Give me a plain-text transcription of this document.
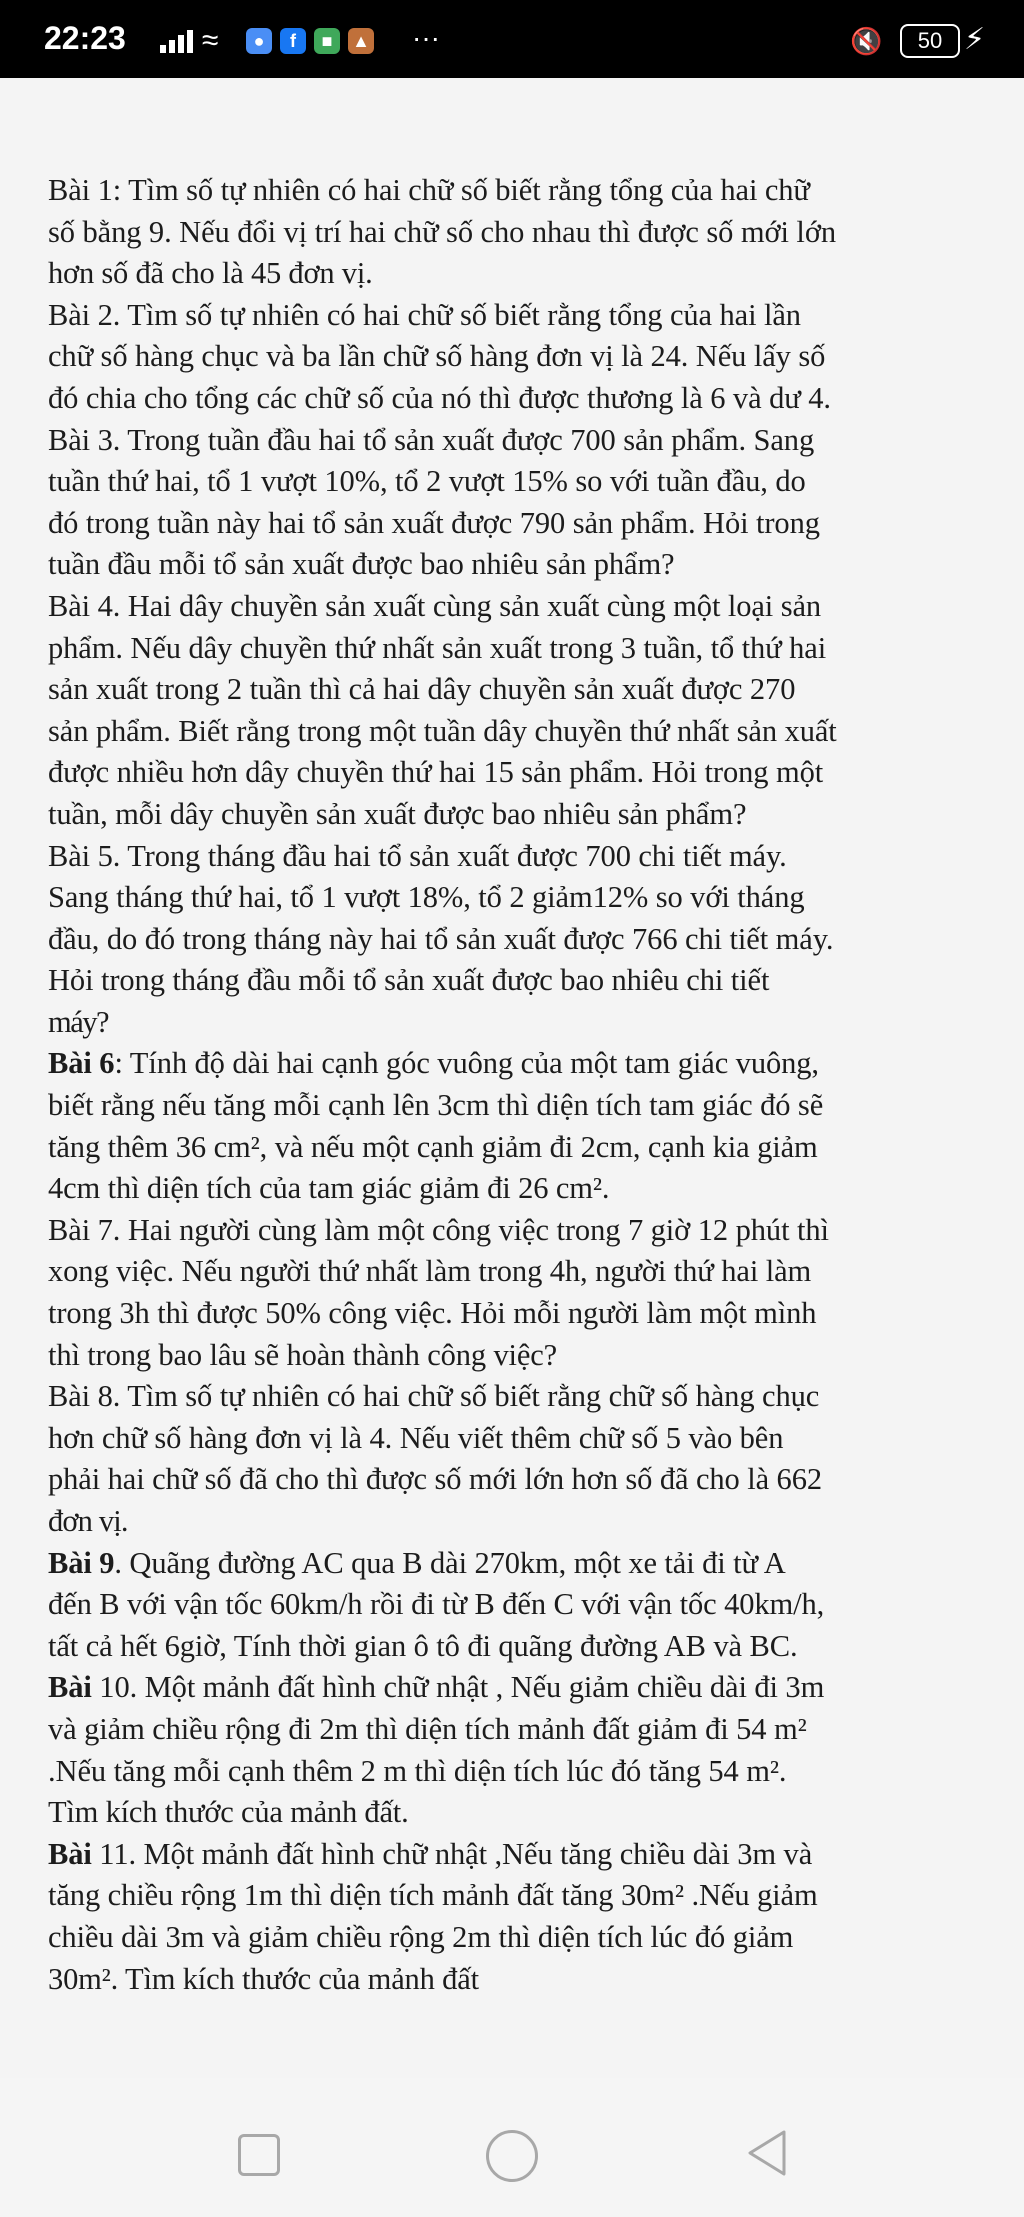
22:23	≈	●	f	■	▲ ···	🔇	50 ⚡

Bài 1: Tìm số tự nhiên có hai chữ số biết rằng tổng của hai chữ

số bằng 9. Nếu đổi vị trí hai chữ số cho nhau thì được số mới lớn

hơn số đã cho là 45 đơn vị.

Bài 2. Tìm số tự nhiên có hai chữ số biết rằng tổng của hai lần

chữ số hàng chục và ba lần chữ số hàng đơn vị là 24. Nếu lấy số

đó chia cho tổng các chữ số của nó thì được thương là 6 và dư 4.

Bài 3. Trong tuần đầu hai tổ sản xuất được 700 sản phẩm. Sang

tuần thứ hai, tổ 1 vượt 10%, tổ 2 vượt 15% so với tuần đầu, do

đó trong tuần này hai tổ sản xuất được 790 sản phẩm. Hỏi trong

tuần đầu mỗi tổ sản xuất được bao nhiêu sản phẩm?

Bài 4. Hai dây chuyền sản xuất cùng sản xuất cùng một loại sản

phẩm. Nếu dây chuyền thứ nhất sản xuất trong 3 tuần, tổ thứ hai

sản xuất trong 2 tuần thì cả hai dây chuyền sản xuất được 270

sản phẩm. Biết rằng trong một tuần dây chuyền thứ nhất sản xuất

được nhiều hơn dây chuyền thứ hai 15 sản phẩm. Hỏi trong một

tuần, mỗi dây chuyền sản xuất được bao nhiêu sản phẩm?

Bài 5. Trong tháng đầu hai tổ sản xuất được 700 chi tiết máy.

Sang tháng thứ hai, tổ 1 vượt 18%, tổ 2 giảm12% so với tháng

đầu, do đó trong tháng này hai tổ sản xuất được 766 chi tiết máy.

Hỏi trong tháng đầu mỗi tổ sản xuất được bao nhiêu chi tiết

máy?

Bài 6: Tính độ dài hai cạnh góc vuông của một tam giác vuông,

biết rằng nếu tăng mỗi cạnh lên 3cm thì diện tích tam giác đó sẽ

tăng thêm 36 cm², và nếu một cạnh giảm đi 2cm, cạnh kia giảm

4cm thì diện tích của tam giác giảm đi 26 cm².

Bài 7. Hai người cùng làm một công việc trong 7 giờ 12 phút thì

xong việc. Nếu người thứ nhất làm trong 4h, người thứ hai làm

trong 3h thì được 50% công việc. Hỏi mỗi người làm một mình

thì trong bao lâu sẽ hoàn thành công việc?

Bài 8. Tìm số tự nhiên có hai chữ số biết rằng chữ số hàng chục

hơn chữ số hàng đơn vị là 4. Nếu viết thêm chữ số 5 vào bên

phải hai chữ số đã cho thì được số mới lớn hơn số đã cho là 662

đơn vị.

Bài 9. Quãng đường AC qua B dài 270km, một xe tải đi từ A

đến B với vận tốc 60km/h rồi đi từ B đến C với vận tốc 40km/h,

tất cả hết 6giờ, Tính thời gian ô tô đi quãng đường AB và BC.

Bài 10. Một mảnh đất hình chữ nhật , Nếu giảm chiều dài đi 3m

và giảm chiều rộng đi 2m thì diện tích mảnh đất giảm đi 54 m²

.Nếu tăng mỗi cạnh thêm 2 m thì diện tích lúc đó tăng 54 m².

Tìm kích thước của mảnh đất.

Bài 11. Một mảnh đất hình chữ nhật ,Nếu tăng chiều dài 3m và

tăng chiều rộng 1m thì diện tích mảnh đất tăng 30m² .Nếu giảm

chiều dài 3m và giảm chiều rộng 2m thì diện tích lúc đó giảm

30m². Tìm kích thước của mảnh đất
